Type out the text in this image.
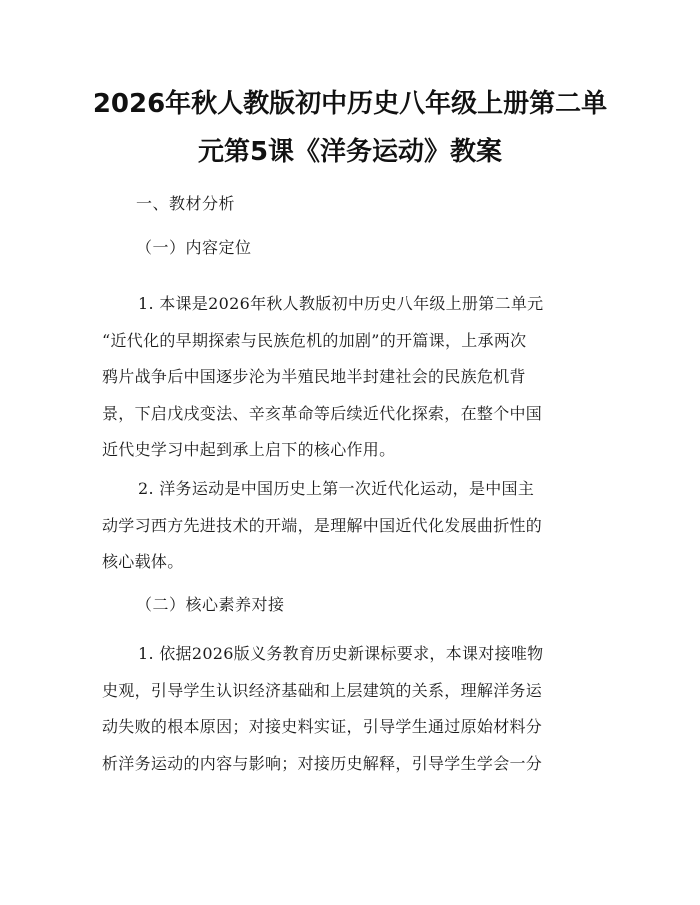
2026年秋人教版初中历史八年级上册第二单
元第5课《洋务运动》教案
一、教材分析
（一）内容定位
1. 本课是2026年秋人教版初中历史八年级上册第二单元
“近代化的早期探索与民族危机的加剧”的开篇课，上承两次
鸦片战争后中国逐步沦为半殖民地半封建社会的民族危机背
景，下启戊戌变法、辛亥革命等后续近代化探索，在整个中国
近代史学习中起到承上启下的核心作用。
2. 洋务运动是中国历史上第一次近代化运动，是中国主
动学习西方先进技术的开端，是理解中国近代化发展曲折性的
核心载体。
（二）核心素养对接
1. 依据2026版义务教育历史新课标要求，本课对接唯物
史观，引导学生认识经济基础和上层建筑的关系，理解洋务运
动失败的根本原因；对接史料实证，引导学生通过原始材料分
析洋务运动的内容与影响；对接历史解释，引导学生学会一分
